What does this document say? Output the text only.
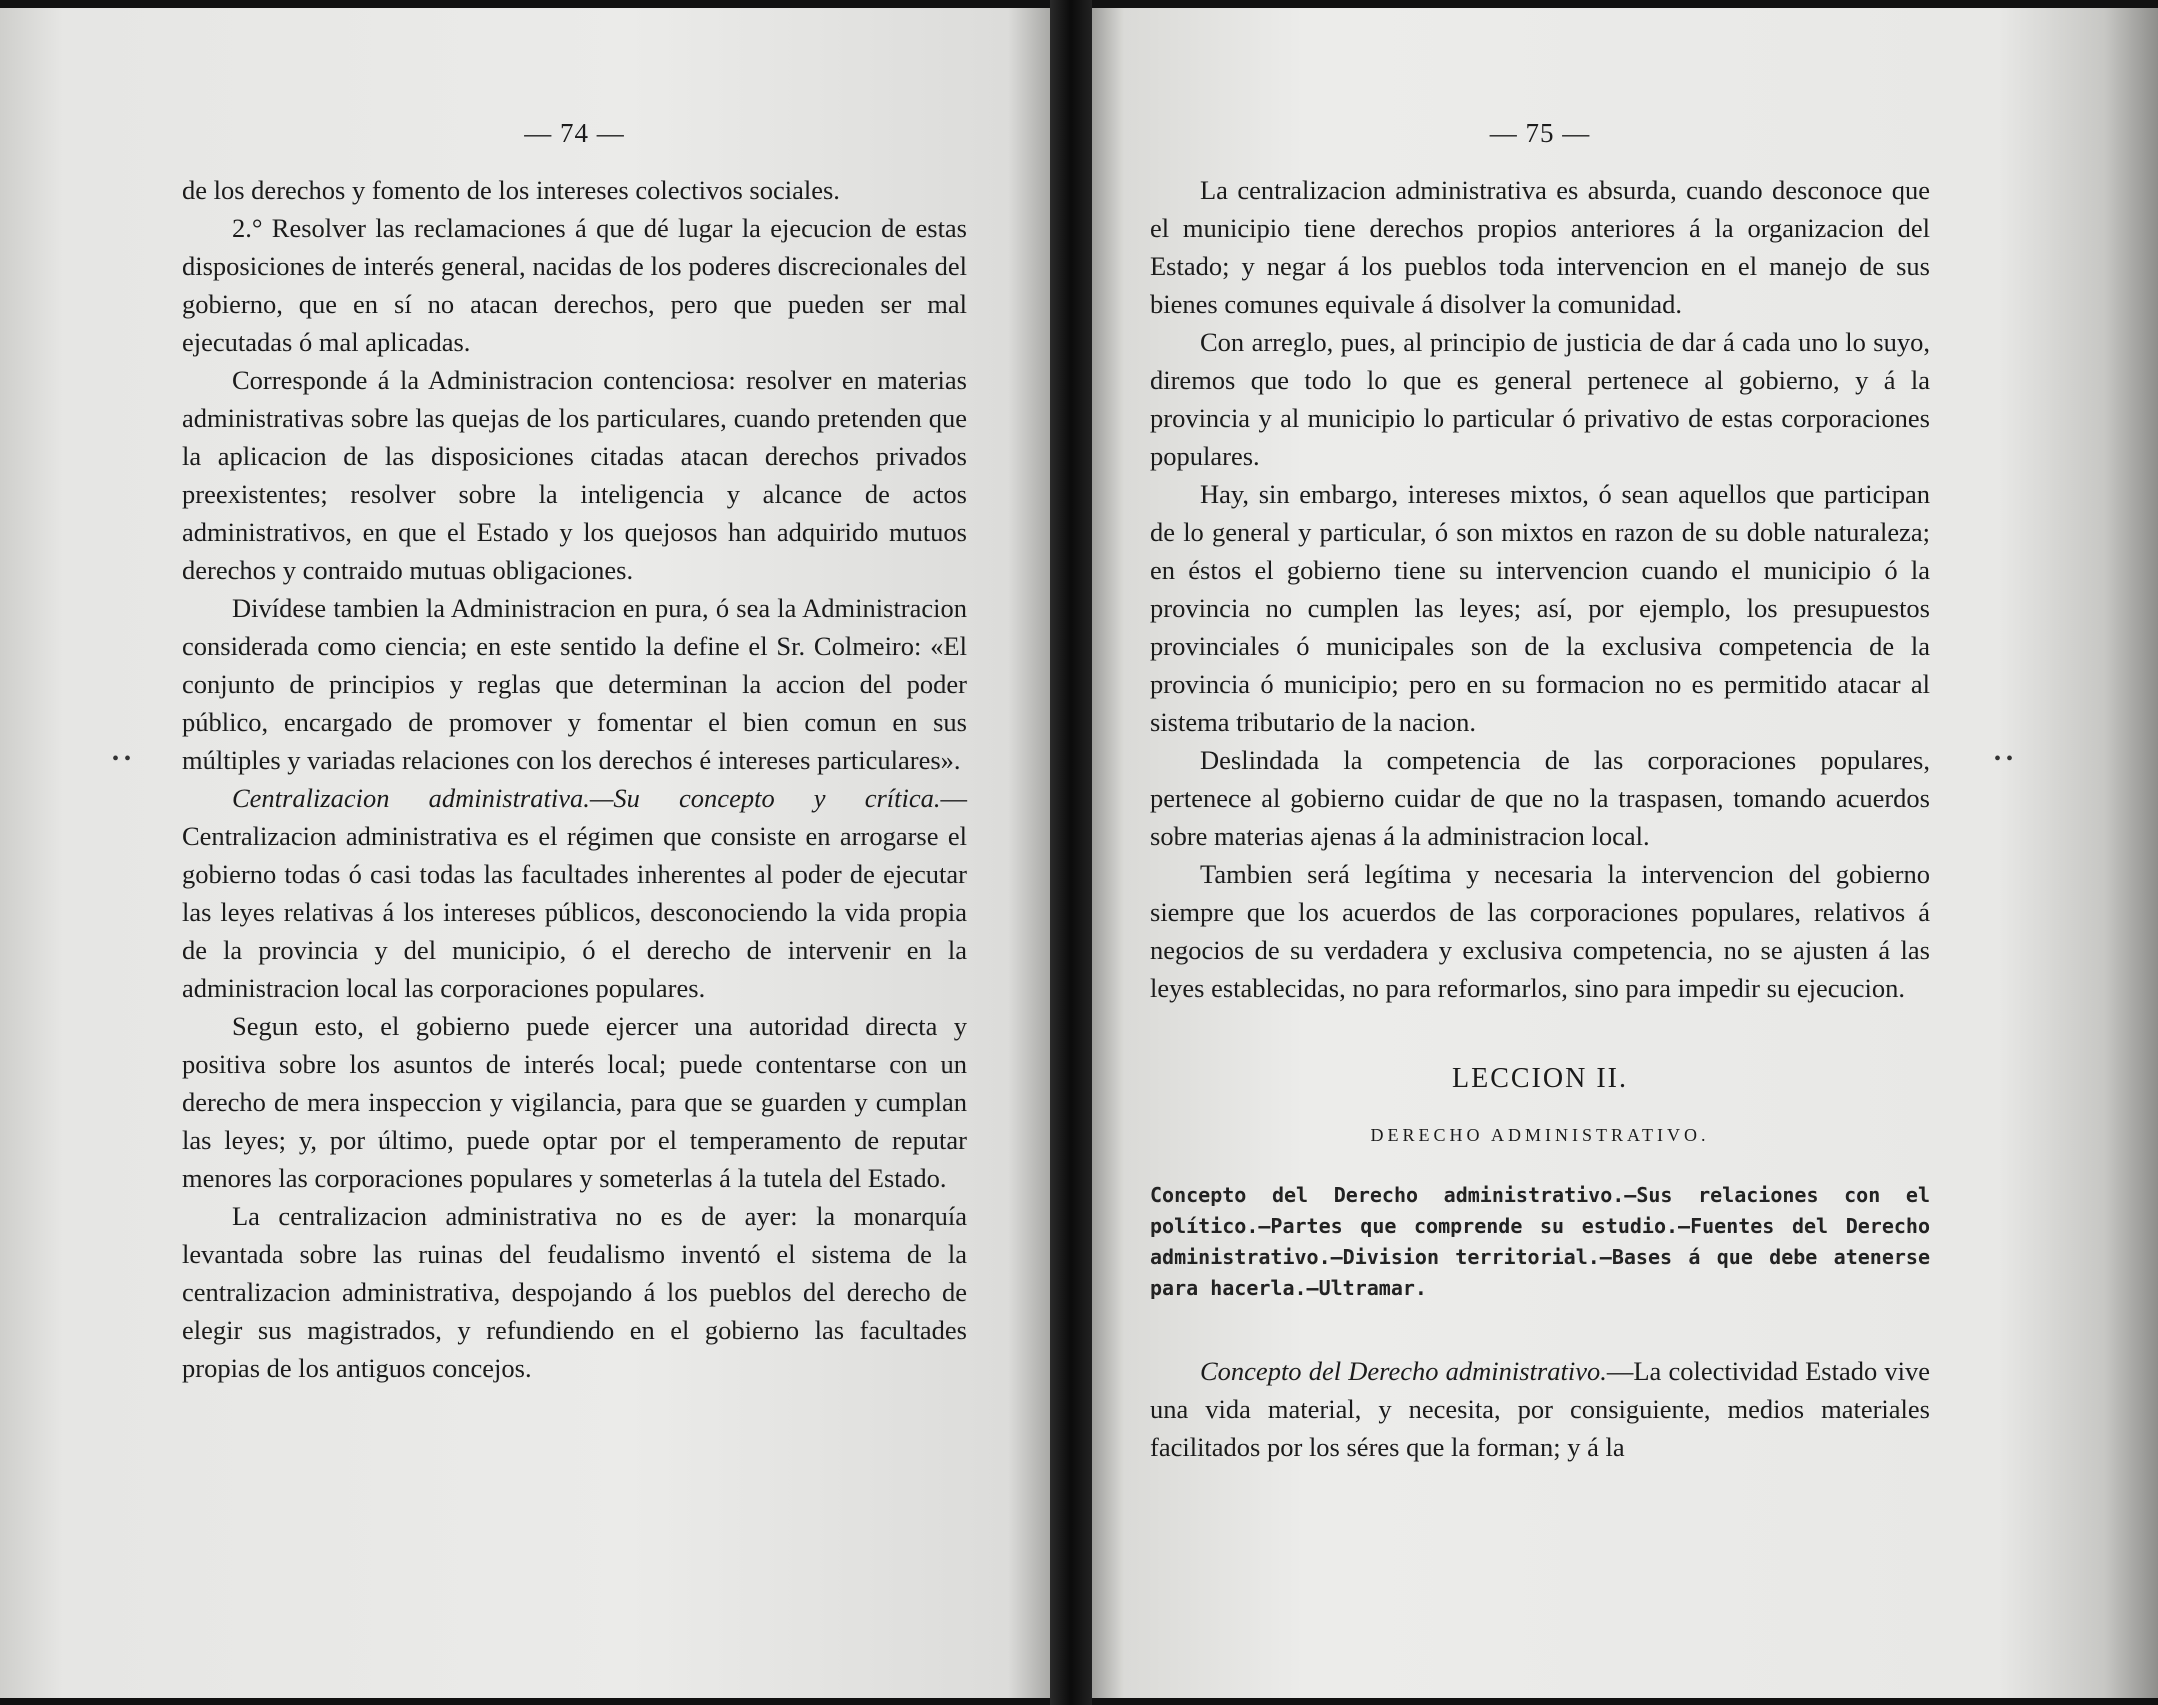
— 74 —

de los derechos y fomento de los intereses colectivos sociales.

2.° Resolver las reclamaciones á que dé lugar la ejecucion de estas disposiciones de interés general, nacidas de los poderes discrecionales del gobierno, que en sí no atacan derechos, pero que pueden ser mal ejecutadas ó mal aplicadas.

Corresponde á la Administracion contenciosa: resolver en materias administrativas sobre las quejas de los particulares, cuando pretenden que la aplicacion de las disposiciones citadas atacan derechos privados preexistentes; resolver sobre la inteligencia y alcance de actos administrativos, en que el Estado y los quejosos han adquirido mutuos derechos y contraido mutuas obligaciones.

Divídese tambien la Administracion en pura, ó sea la Administracion considerada como ciencia; en este sentido la define el Sr. Colmeiro: «El conjunto de principios y reglas que determinan la accion del poder público, encargado de promover y fomentar el bien comun en sus múltiples y variadas relaciones con los derechos é intereses particulares».

Centralizacion administrativa.—Su concepto y crítica.—Centralizacion administrativa es el régimen que consiste en arrogarse el gobierno todas ó casi todas las facultades inherentes al poder de ejecutar las leyes relativas á los intereses públicos, desconociendo la vida propia de la provincia y del municipio, ó el derecho de intervenir en la administracion local las corporaciones populares.

Segun esto, el gobierno puede ejercer una autoridad directa y positiva sobre los asuntos de interés local; puede contentarse con un derecho de mera inspeccion y vigilancia, para que se guarden y cumplan las leyes; y, por último, puede optar por el temperamento de reputar menores las corporaciones populares y someterlas á la tutela del Estado.

La centralizacion administrativa no es de ayer: la monarquía levantada sobre las ruinas del feudalismo inventó el sistema de la centralizacion administrativa, despojando á los pueblos del derecho de elegir sus magistrados, y refundiendo en el gobierno las facultades propias de los antiguos concejos.

• •
— 75 —

La centralizacion administrativa es absurda, cuando desconoce que el municipio tiene derechos propios anteriores á la organizacion del Estado; y negar á los pueblos toda intervencion en el manejo de sus bienes comunes equivale á disolver la comunidad.

Con arreglo, pues, al principio de justicia de dar á cada uno lo suyo, diremos que todo lo que es general pertenece al gobierno, y á la provincia y al municipio lo particular ó privativo de estas corporaciones populares.

Hay, sin embargo, intereses mixtos, ó sean aquellos que participan de lo general y particular, ó son mixtos en razon de su doble naturaleza; en éstos el gobierno tiene su intervencion cuando el municipio ó la provincia no cumplen las leyes; así, por ejemplo, los presupuestos provinciales ó municipales son de la exclusiva competencia de la provincia ó municipio; pero en su formacion no es permitido atacar al sistema tributario de la nacion.

Deslindada la competencia de las corporaciones populares, pertenece al gobierno cuidar de que no la traspasen, tomando acuerdos sobre materias ajenas á la administracion local.

Tambien será legítima y necesaria la intervencion del gobierno siempre que los acuerdos de las corporaciones populares, relativos á negocios de su verdadera y exclusiva competencia, no se ajusten á las leyes establecidas, no para reformarlos, sino para impedir su ejecucion.

LECCION II.
DERECHO ADMINISTRATIVO.
Concepto del Derecho administrativo.—Sus relaciones con el político.—Partes que comprende su estudio.—Fuentes del Derecho administrativo.—Division territorial.—Bases á que debe atenerse para hacerla.—Ultramar.

Concepto del Derecho administrativo.—La colectividad Estado vive una vida material, y necesita, por consiguiente, medios materiales facilitados por los séres que la forman; y á la

• •
